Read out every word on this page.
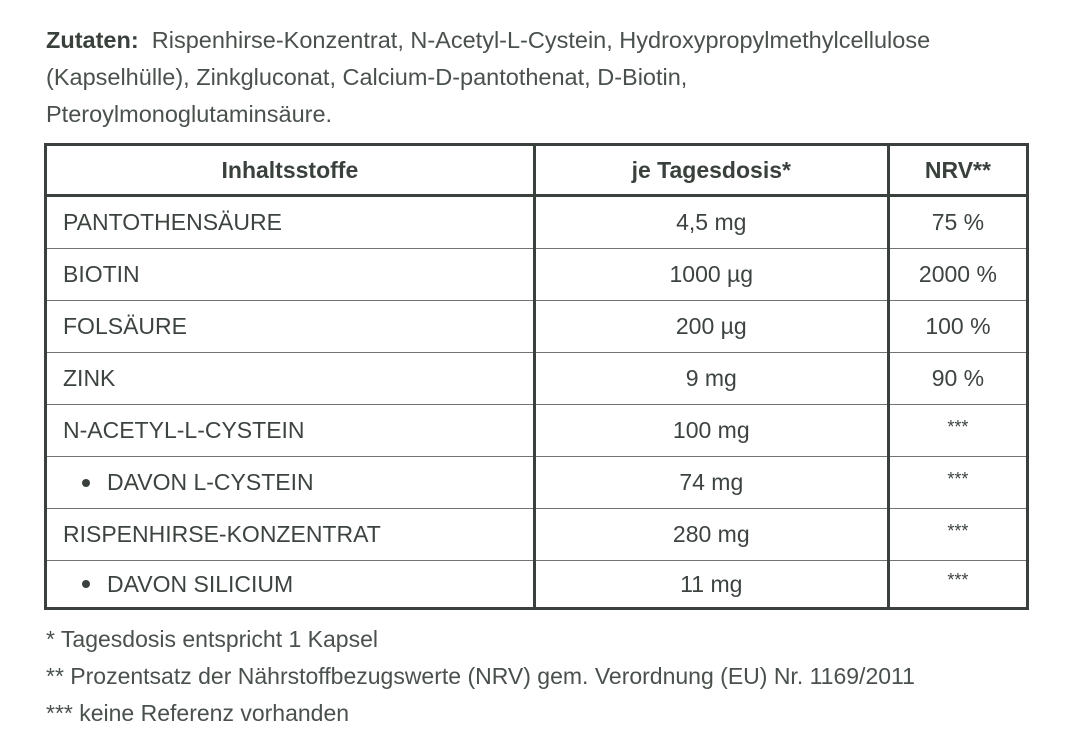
Zutaten: Rispenhirse-Konzentrat, N-Acetyl-L-Cystein, Hydroxypropylmethylcellulose
(Kapselhülle), Zinkgluconat, Calcium-D-pantothenat, D-Biotin,
Pteroylmonoglutaminsäure.
Inhaltsstoffe	je Tagesdosis*	NRV**
PANTOTHENSÄURE	4,5 mg	75 %
BIOTIN	1000 µg	2000 %
FOLSÄURE	200 µg	100 %
ZINK	9 mg	90 %
N-ACETYL-L-CYSTEIN	100 mg	***

DAVON L-CYSTEIN	74 mg	***
RISPENHIRSE-KONZENTRAT	280 mg	***

DAVON SILICIUM	11 mg	***
* Tagesdosis entspricht 1 Kapsel
** Prozentsatz der Nährstoffbezugswerte (NRV) gem. Verordnung (EU) Nr. 1169/2011
*** keine Referenz vorhanden
